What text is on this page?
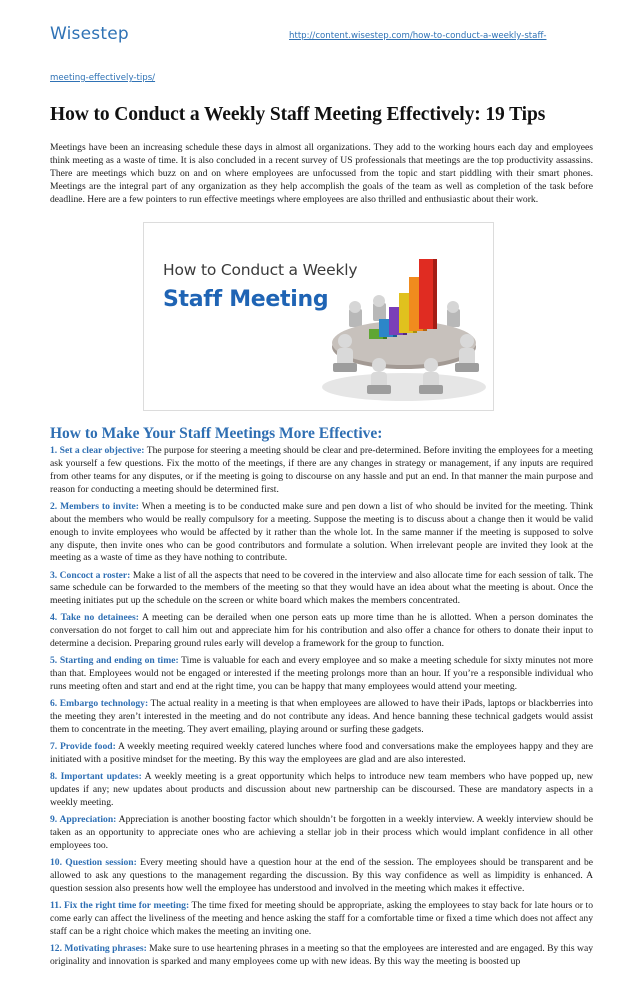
Wisestep	http://content.wisestep.com/how-to-conduct-a-weekly-staff-
meeting-effectively-tips/
How to Conduct a Weekly Staff Meeting Effectively: 19 Tips

Meetings have been an increasing schedule these days in almost all organizations. They add to the working hours each day and employees think meeting as a waste of time. It is also concluded in a recent survey of US professionals that meetings are the top productivity assassins. There are meetings which buzz on and on where employees are unfocussed from the topic and start piddling with their smart phones. Meetings are the integral part of any organization as they help accomplish the goals of the team as well as completion of the task before deadline. Here are a few pointers to run effective meetings where employees are also thrilled and enthusiastic about their work.

How to Conduct a Weekly
Staff Meeting
How to Make Your Staff Meetings More Effective:

1. Set a clear objective: The purpose for steering a meeting should be clear and pre-determined. Before inviting the employees for a meeting ask yourself a few questions. Fix the motto of the meetings, if there are any changes in strategy or management, if any inputs are required from other teams for any disputes, or if the meeting is going to discourse on any hassle and put an end. In that manner the main purpose and reason for conducting a meeting should be determined first.

2. Members to invite: When a meeting is to be conducted make sure and pen down a list of who should be invited for the meeting. Think about the members who would be really compulsory for a meeting. Suppose the meeting is to discuss about a change then it would be valid enough to invite employees who would be affected by it rather than the whole lot. In the same manner if the meeting is supposed to solve any dispute, then invite ones who can be good contributors and formulate a solution. When irrelevant people are invited they look at the meeting as a waste of time as they have nothing to contribute.

3. Concoct a roster: Make a list of all the aspects that need to be covered in the interview and also allocate time for each session of talk. The same schedule can be forwarded to the members of the meeting so that they would have an idea about what the meeting is about. Once the meeting initiates put up the schedule on the screen or white board which makes the members concentrated.

4. Take no detainees: A meeting can be derailed when one person eats up more time than he is allotted. When a person dominates the conversation do not forget to call him out and appreciate him for his contribution and also offer a chance for others to donate their input to determine a decision. Preparing ground rules early will develop a framework for the group to function.

5. Starting and ending on time: Time is valuable for each and every employee and so make a meeting schedule for sixty minutes not more than that. Employees would not be engaged or interested if the meeting prolongs more than an hour. If you’re a responsible individual who runs meeting often and start and end at the right time, you can be happy that many employees would attend your meeting.

6. Embargo technology: The actual reality in a meeting is that when employees are allowed to have their iPads, laptops or blackberries into the meeting they aren’t interested in the meeting and do not contribute any ideas. And hence banning these technical gadgets would assist them to concentrate in the meeting. They avert emailing, playing around or surfing these gadgets.

7. Provide food: A weekly meeting required weekly catered lunches where food and conversations make the employees happy and they are initiated with a positive mindset for the meeting. By this way the employees are glad and are also interested.

8. Important updates: A weekly meeting is a great opportunity which helps to introduce new team members who have popped up, new updates if any; new updates about products and discussion about new partnership can be discoursed. These are mandatory aspects in a weekly meeting.

9. Appreciation: Appreciation is another boosting factor which shouldn’t be forgotten in a weekly interview. A weekly interview should be taken as an opportunity to appreciate ones who are achieving a stellar job in their process which would implant confidence in all other employees too.

10. Question session: Every meeting should have a question hour at the end of the session. The employees should be transparent and be allowed to ask any questions to the management regarding the discussion. By this way confidence as well as limpidity is enhanced. A question session also presents how well the employee has understood and involved in the meeting which makes it effective.

11. Fix the right time for meeting: The time fixed for meeting should be appropriate, asking the employees to stay back for late hours or to come early can affect the liveliness of the meeting and hence asking the staff for a comfortable time or fixed a time which does not affect any staff can be a right choice which makes the meeting an inviting one.

12. Motivating phrases: Make sure to use heartening phrases in a meeting so that the employees are interested and are engaged. By this way originality and innovation is sparked and many employees come up with new ideas. By this way the meeting is boosted up
